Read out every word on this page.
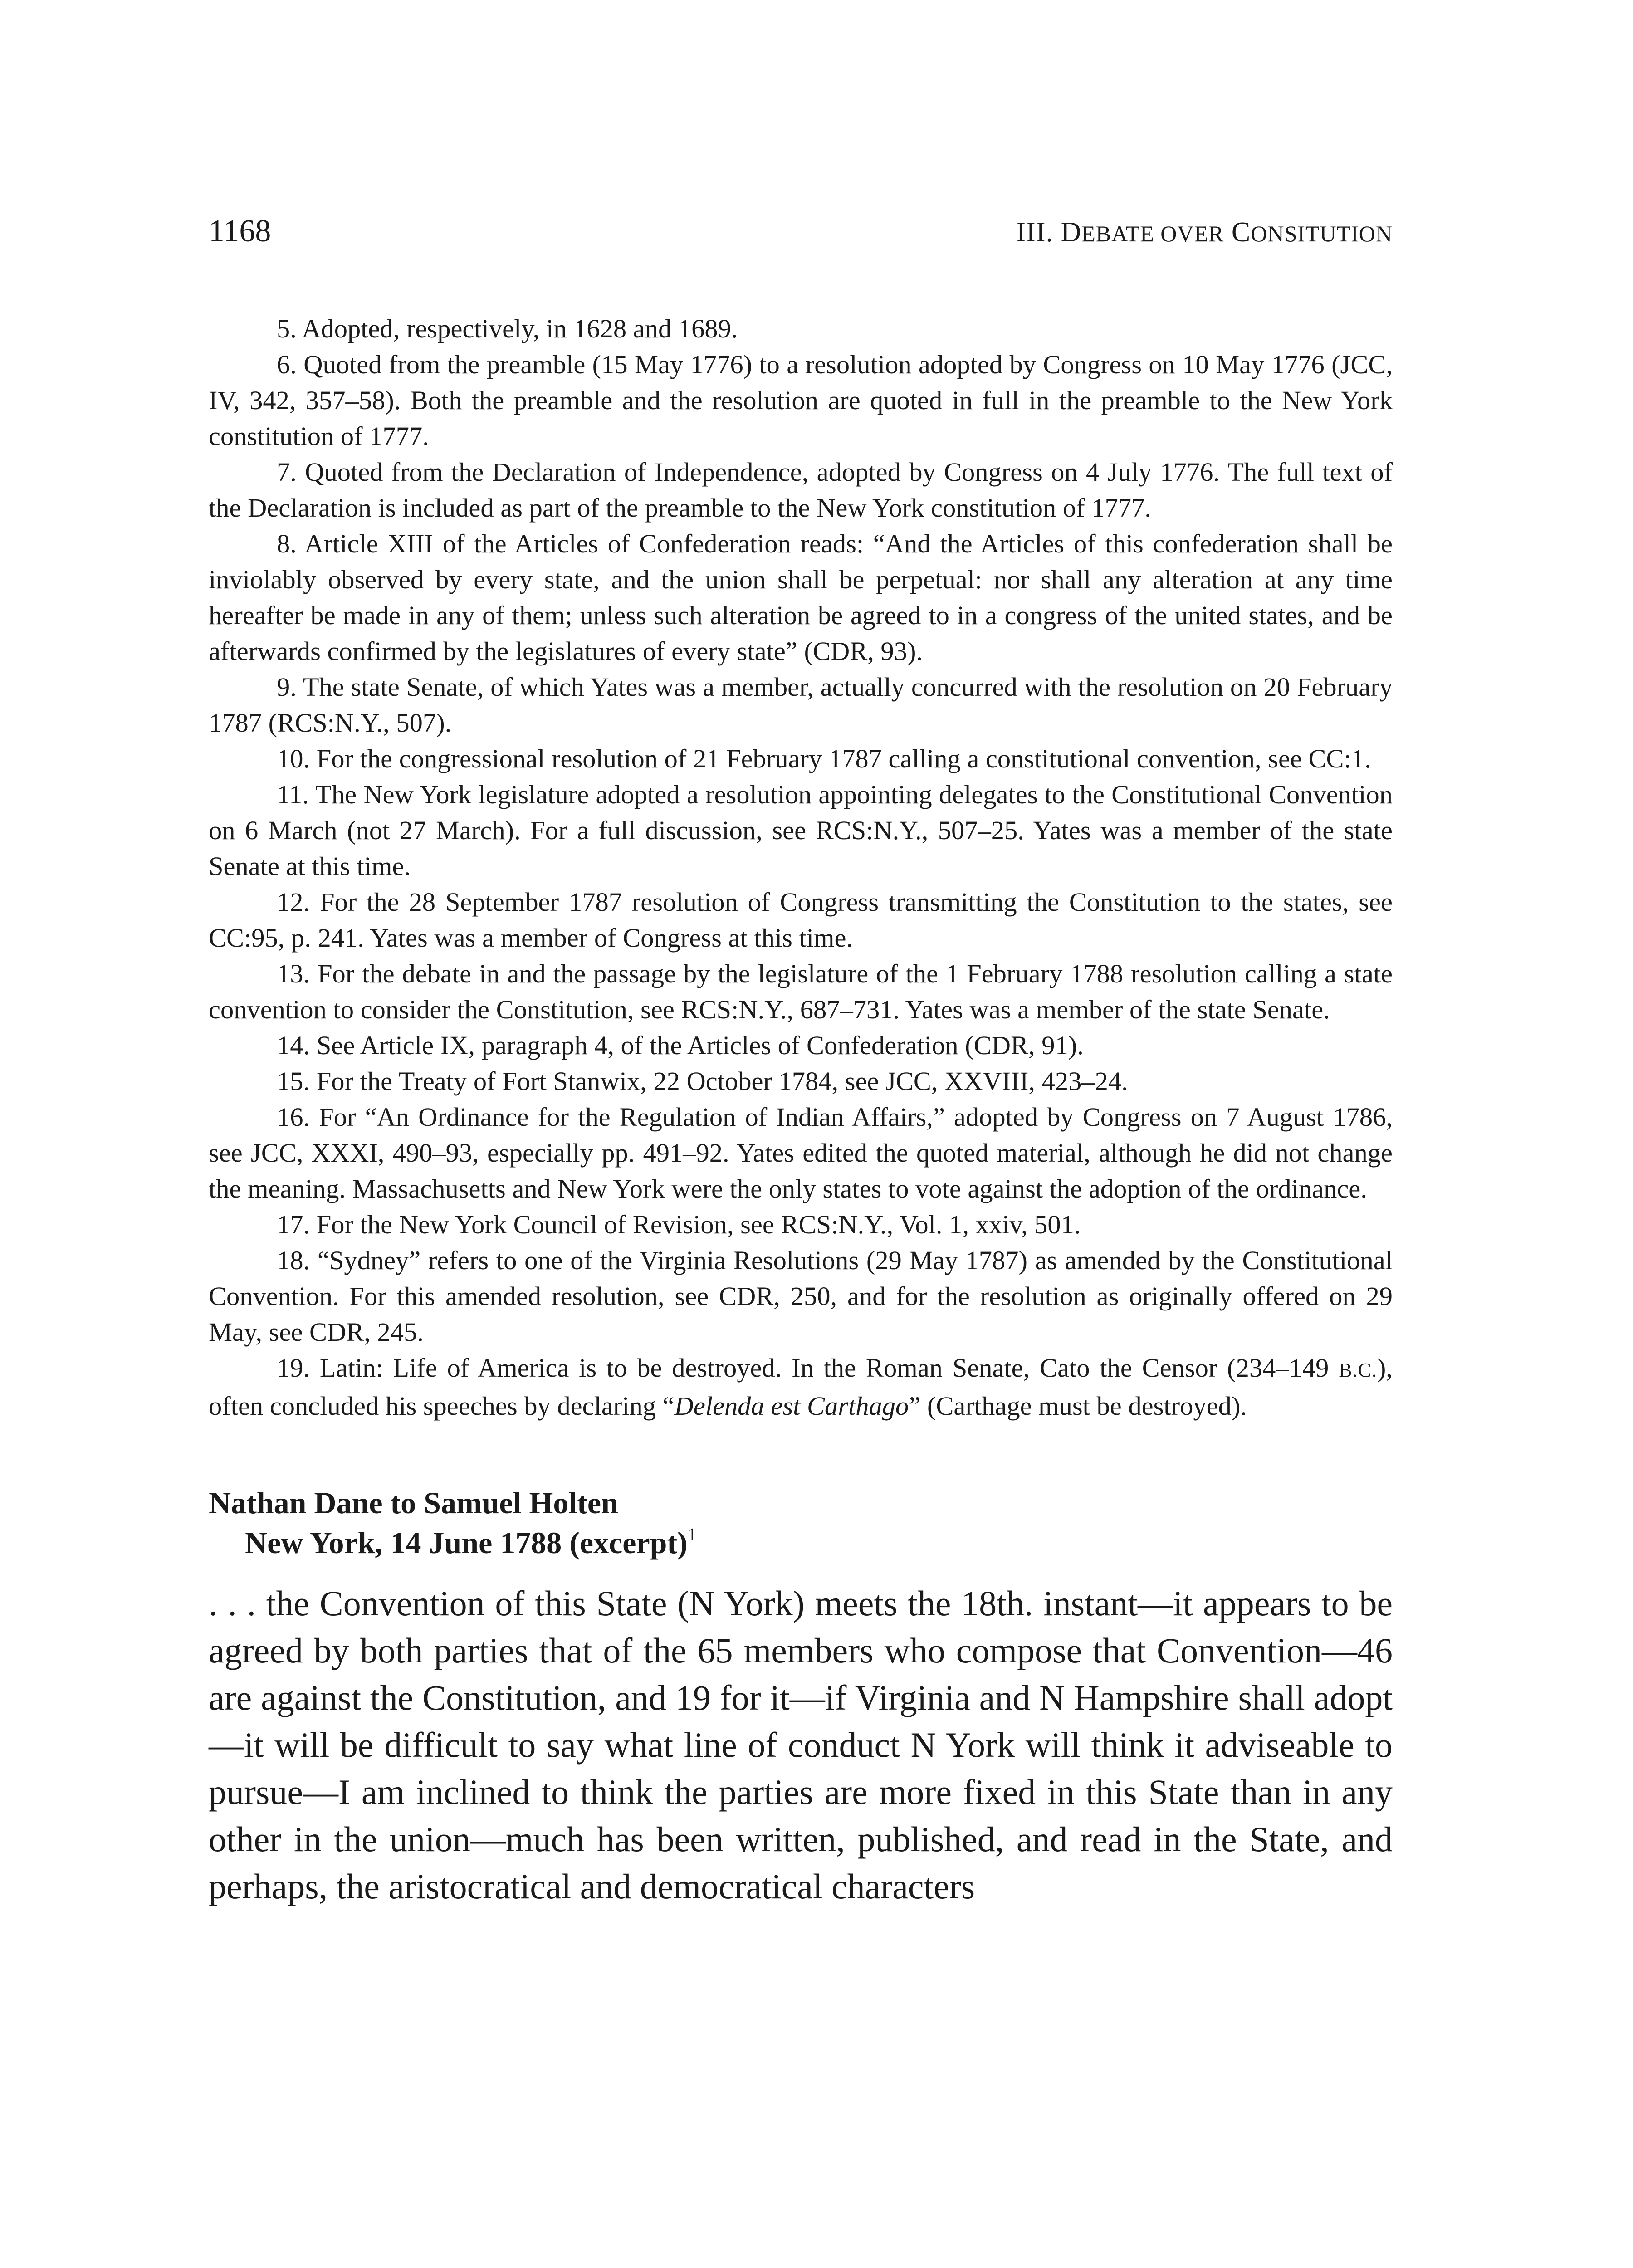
1168	III. DEBATE OVER CONSITUTION

5. Adopted, respectively, in 1628 and 1689.

6. Quoted from the preamble (15 May 1776) to a resolution adopted by Congress on 10 May 1776 (JCC, IV, 342, 357–58). Both the preamble and the resolution are quoted in full in the preamble to the New York constitution of 1777.

7. Quoted from the Declaration of Independence, adopted by Congress on 4 July 1776. The full text of the Declaration is included as part of the preamble to the New York constitution of 1777.

8. Article XIII of the Articles of Confederation reads: “And the Articles of this confederation shall be inviolably observed by every state, and the union shall be perpetual: nor shall any alteration at any time hereafter be made in any of them; unless such alteration be agreed to in a congress of the united states, and be afterwards confirmed by the legislatures of every state” (CDR, 93).

9. The state Senate, of which Yates was a member, actually concurred with the resolution on 20 February 1787 (RCS:N.Y., 507).

10. For the congressional resolution of 21 February 1787 calling a constitutional convention, see CC:1.

11. The New York legislature adopted a resolution appointing delegates to the Constitutional Convention on 6 March (not 27 March). For a full discussion, see RCS:N.Y., 507–25. Yates was a member of the state Senate at this time.

12. For the 28 September 1787 resolution of Congress transmitting the Constitution to the states, see CC:95, p. 241. Yates was a member of Congress at this time.

13. For the debate in and the passage by the legislature of the 1 February 1788 resolution calling a state convention to consider the Constitution, see RCS:N.Y., 687–731. Yates was a member of the state Senate.

14. See Article IX, paragraph 4, of the Articles of Confederation (CDR, 91).

15. For the Treaty of Fort Stanwix, 22 October 1784, see JCC, XXVIII, 423–24.

16. For “An Ordinance for the Regulation of Indian Affairs,” adopted by Congress on 7 August 1786, see JCC, XXXI, 490–93, especially pp. 491–92. Yates edited the quoted material, although he did not change the meaning. Massachusetts and New York were the only states to vote against the adoption of the ordinance.

17. For the New York Council of Revision, see RCS:N.Y., Vol. 1, xxiv, 501.

18. “Sydney” refers to one of the Virginia Resolutions (29 May 1787) as amended by the Constitutional Convention. For this amended resolution, see CDR, 250, and for the resolution as originally offered on 29 May, see CDR, 245.

19. Latin: Life of America is to be destroyed. In the Roman Senate, Cato the Censor (234–149 B.C.), often concluded his speeches by declaring “Delenda est Carthago” (Carthage must be destroyed).

Nathan Dane to Samuel Holten

New York, 14 June 1788 (excerpt)$^1$

. . . the Convention of this State (N York) meets the 18th. instant—it appears to be agreed by both parties that of the 65 members who compose that Convention—46 are against the Constitution, and 19 for it—if Virginia and N Hampshire shall adopt—it will be difficult to say what line of conduct N York will think it adviseable to pursue—I am inclined to think the parties are more fixed in this State than in any other in the union—much has been written, published, and read in the State, and perhaps, the aristocratical and democratical characters
